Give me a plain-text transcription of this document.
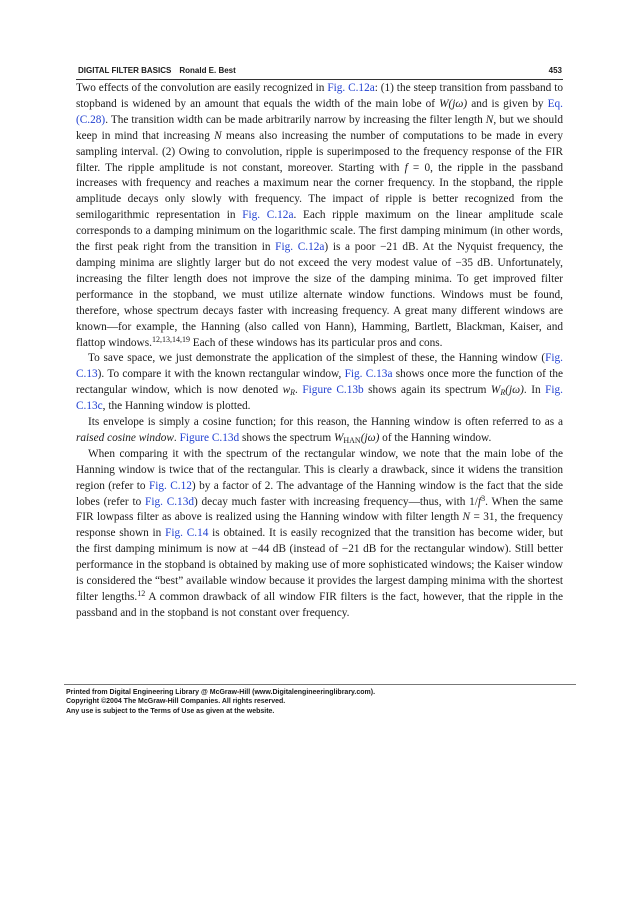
DIGITAL FILTER BASICS Ronald E. Best	453

Two effects of the convolution are easily recognized in Fig. C.12a: (1) the steep transition from passband to stopband is widened by an amount that equals the width of the main lobe of W(jω) and is given by Eq. (C.28). The transition width can be made arbitrarily narrow by increasing the filter length N, but we should keep in mind that increasing N means also increasing the number of computations to be made in every sampling interval. (2) Owing to convolution, ripple is superimposed to the frequency response of the FIR filter. The ripple amplitude is not constant, moreover. Starting with f = 0, the ripple in the passband increases with frequency and reaches a maximum near the corner frequency. In the stopband, the ripple amplitude decays only slowly with frequency. The impact of ripple is better recognized from the semilogarithmic representation in Fig. C.12a. Each ripple maximum on the linear amplitude scale corresponds to a damping minimum on the logarithmic scale. The first damping minimum (in other words, the first peak right from the transition in Fig. C.12a) is a poor −21 dB. At the Nyquist frequency, the damping minima are slightly larger but do not exceed the very modest value of −35 dB. Unfortunately, increasing the filter length does not improve the size of the damping minima. To get improved filter performance in the stopband, we must utilize alternate window functions. Windows must be found, therefore, whose spectrum decays faster with increasing frequency. A great many different windows are known—for example, the Hanning (also called von Hann), Hamming, Bartlett, Blackman, Kaiser, and flattop windows.$^{12,13,14,19}$ Each of these windows has its particular pros and cons.

To save space, we just demonstrate the application of the simplest of these, the Hanning window (Fig. C.13). To compare it with the known rectangular window, Fig. C.13a shows once more the function of the rectangular window, which is now denoted $w_R$. Figure C.13b shows again its spectrum $W_R(j\omega)$. In Fig. C.13c, the Hanning window is plotted.

Its envelope is simply a cosine function; for this reason, the Hanning window is often referred to as a raised cosine window. Figure C.13d shows the spectrum $W_{HAN}(j\omega)$ of the Hanning window.

When comparing it with the spectrum of the rectangular window, we note that the main lobe of the Hanning window is twice that of the rectangular. This is clearly a drawback, since it widens the transition region (refer to Fig. C.12) by a factor of 2. The advantage of the Hanning window is the fact that the side lobes (refer to Fig. C.13d) decay much faster with increasing frequency—thus, with $1/f^3$. When the same FIR lowpass filter as above is realized using the Hanning window with filter length N = 31, the frequency response shown in Fig. C.14 is obtained. It is easily recognized that the transition has become wider, but the first damping minimum is now at −44 dB (instead of −21 dB for the rectangular window). Still better performance in the stopband is obtained by making use of more sophisticated windows; the Kaiser window is considered the “best” available window because it provides the largest damping minima with the shortest filter lengths.$^{12}$ A common drawback of all window FIR filters is the fact, however, that the ripple in the passband and in the stopband is not constant over frequency.

Printed from Digital Engineering Library @ McGraw-Hill (www.Digitalengineeringlibrary.com).
Copyright ©2004 The McGraw-Hill Companies. All rights reserved.
Any use is subject to the Terms of Use as given at the website.
